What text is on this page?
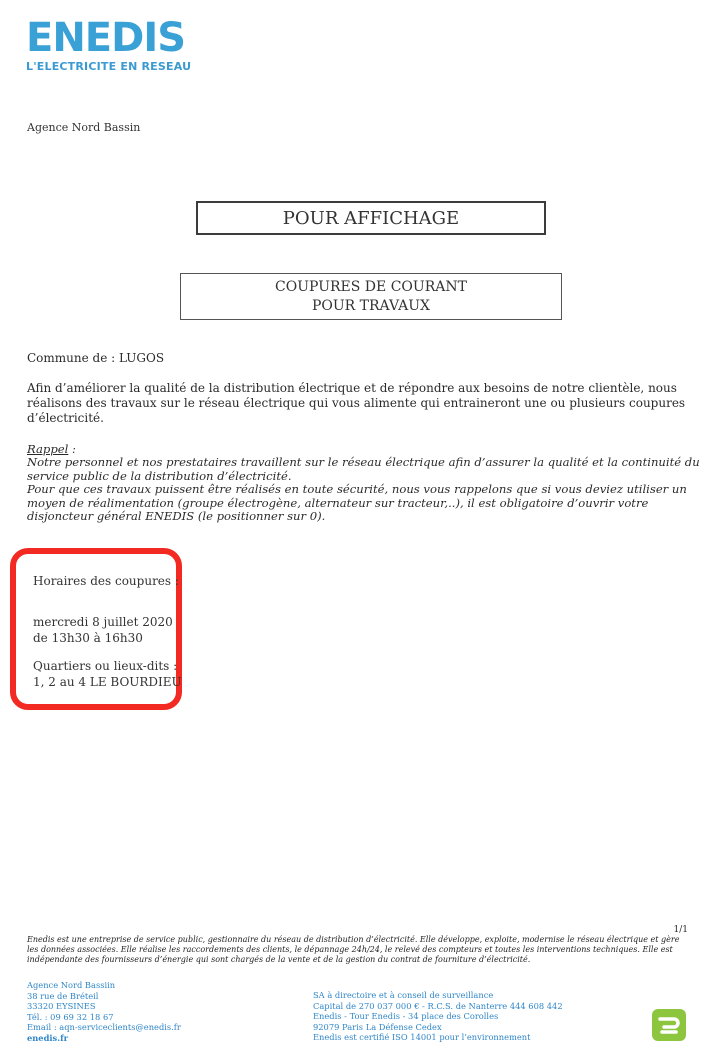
ENEDIS
L'ELECTRICITE EN RESEAU
Agence Nord Bassin
POUR AFFICHAGE
COUPURES DE COURANT
POUR TRAVAUX
Commune de : LUGOS
Afin d’améliorer la qualité de la distribution électrique et de répondre aux besoins de notre clientèle, nous réalisons des travaux sur le réseau électrique qui vous alimente qui entraineront une ou plusieurs coupures d’électricité.
Rappel :

Notre personnel et nos prestataires travaillent sur le réseau électrique afin d’assurer la qualité et la continuité du service public de la distribution d’électricité.

Pour que ces travaux puissent être réalisés en toute sécurité, nous vous rappelons que si vous deviez utiliser un moyen de réalimentation (groupe électrogène, alternateur sur tracteur,..), il est obligatoire d’ouvrir votre disjoncteur général ENEDIS (le positionner sur 0).

Horaires des coupures :
mercredi 8 juillet 2020
de 13h30 à 16h30
Quartiers ou lieux-dits :
1, 2 au 4 LE BOURDIEU
1/1
Enedis est une entreprise de service public, gestionnaire du réseau de distribution d’électricité. Elle développe, exploite, modernise le réseau électrique et gère les données associées. Elle réalise les raccordements des clients, le dépannage 24h/24, le relevé des compteurs et toutes les interventions techniques. Elle est indépendante des fournisseurs d’énergie qui sont chargés de la vente et de la gestion du contrat de fourniture d’électricité.
Agence Nord Bassiin
38 rue de Bréteil
33320 EYSINES
Tél. : 09 69 32 18 67
Email : aqn-serviceclients@enedis.fr
enedis.fr
SA à directoire et à conseil de surveillance
Capital de 270 037 000 € - R.C.S. de Nanterre 444 608 442
Enedis - Tour Enedis - 34 place des Corolles
92079 Paris La Défense Cedex
Enedis est certifié ISO 14001 pour l’environnement
